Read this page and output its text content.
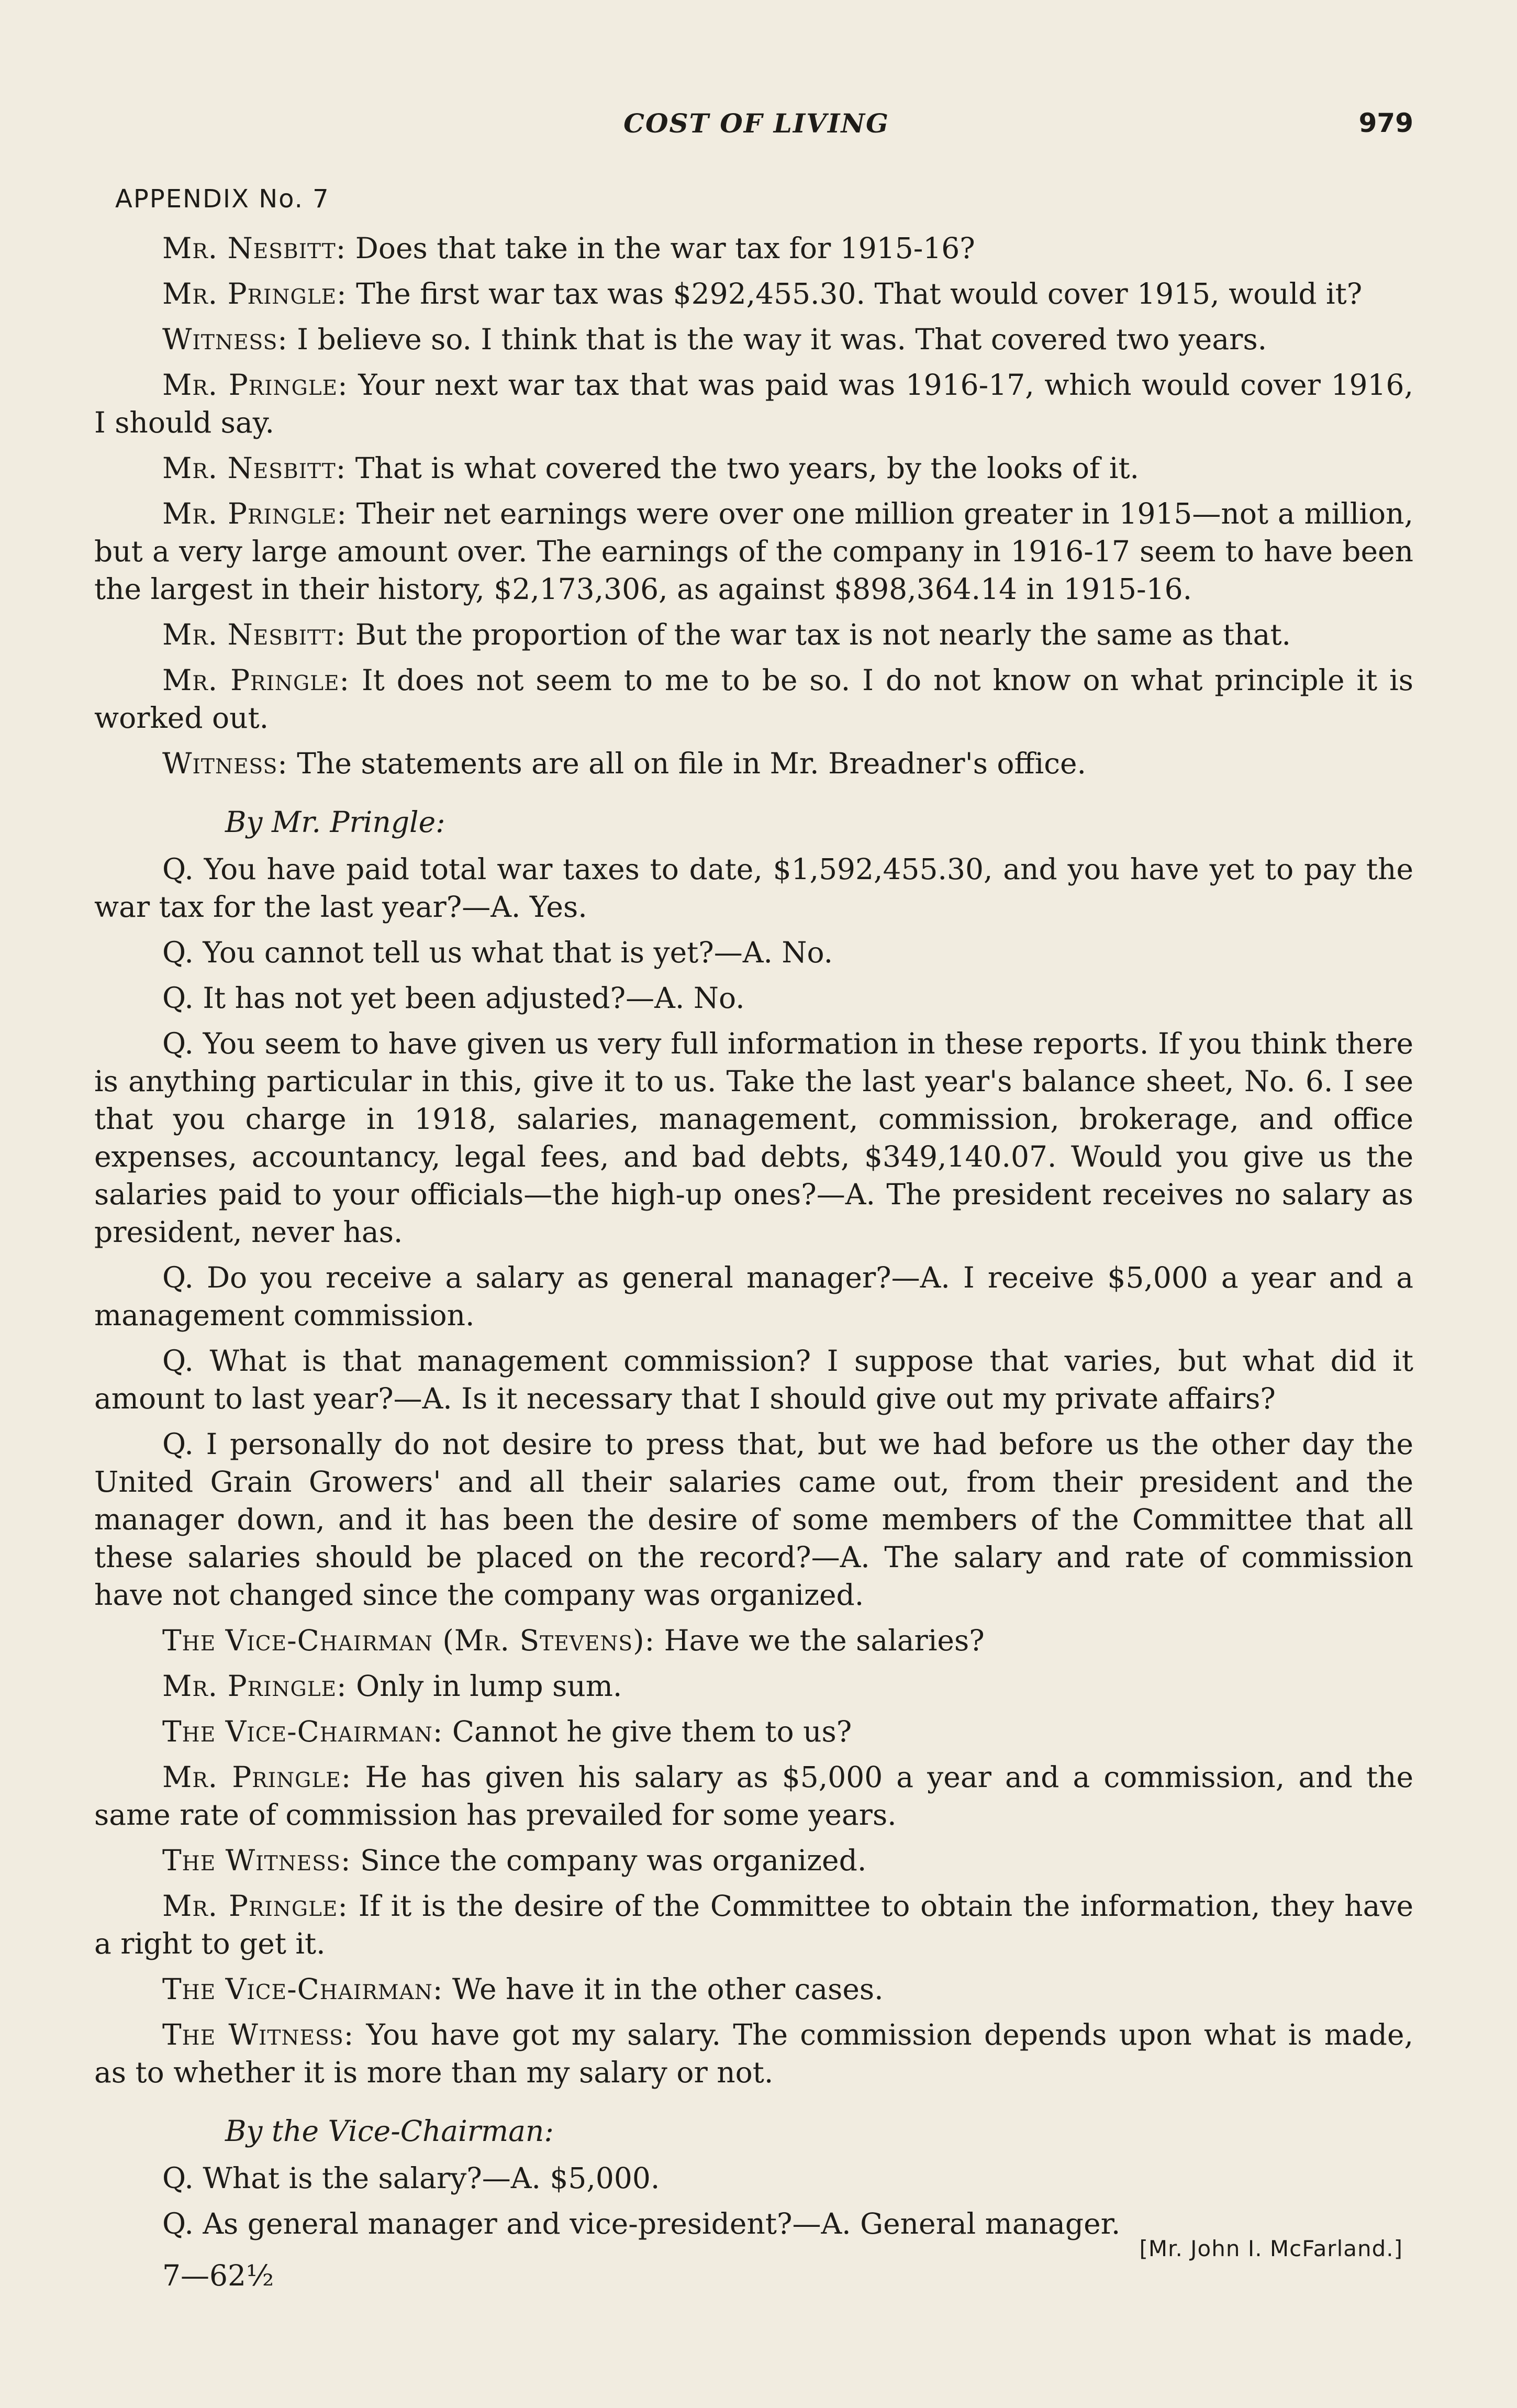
COST OF LIVING	979
APPENDIX No. 7

Mr. Nesbitt: Does that take in the war tax for 1915-16?

Mr. Pringle: The first war tax was $292,455.30. That would cover 1915, would it?

Witness: I believe so. I think that is the way it was. That covered two years.

Mr. Pringle: Your next war tax that was paid was 1916-17, which would cover 1916, I should say.

Mr. Nesbitt: That is what covered the two years, by the looks of it.

Mr. Pringle: Their net earnings were over one million greater in 1915—not a million, but a very large amount over. The earnings of the company in 1916-17 seem to have been the largest in their history, $2,173,306, as against $898,364.14 in 1915-16.

Mr. Nesbitt: But the proportion of the war tax is not nearly the same as that.

Mr. Pringle: It does not seem to me to be so. I do not know on what principle it is worked out.

Witness: The statements are all on file in Mr. Breadner's office.

By Mr. Pringle:

Q. You have paid total war taxes to date, $1,592,455.30, and you have yet to pay the war tax for the last year?—A. Yes.

Q. You cannot tell us what that is yet?—A. No.

Q. It has not yet been adjusted?—A. No.

Q. You seem to have given us very full information in these reports. If you think there is anything particular in this, give it to us. Take the last year's balance sheet, No. 6. I see that you charge in 1918, salaries, management, commission, brokerage, and office expenses, accountancy, legal fees, and bad debts, $349,140.07. Would you give us the salaries paid to your officials—the high-up ones?—A. The president receives no salary as president, never has.

Q. Do you receive a salary as general manager?—A. I receive $5,000 a year and a management commission.

Q. What is that management commission? I suppose that varies, but what did it amount to last year?—A. Is it necessary that I should give out my private affairs?

Q. I personally do not desire to press that, but we had before us the other day the United Grain Growers' and all their salaries came out, from their president and the manager down, and it has been the desire of some members of the Committee that all these salaries should be placed on the record?—A. The salary and rate of commission have not changed since the company was organized.

The Vice-Chairman (Mr. Stevens): Have we the salaries?

Mr. Pringle: Only in lump sum.

The Vice-Chairman: Cannot he give them to us?

Mr. Pringle: He has given his salary as $5,000 a year and a commission, and the same rate of commission has prevailed for some years.

The Witness: Since the company was organized.

Mr. Pringle: If it is the desire of the Committee to obtain the information, they have a right to get it.

The Vice-Chairman: We have it in the other cases.

The Witness: You have got my salary. The commission depends upon what is made, as to whether it is more than my salary or not.

By the Vice-Chairman:

Q. What is the salary?—A. $5,000.

Q. As general manager and vice-president?—A. General manager.

[Mr. John I. McFarland.]
7—62½
